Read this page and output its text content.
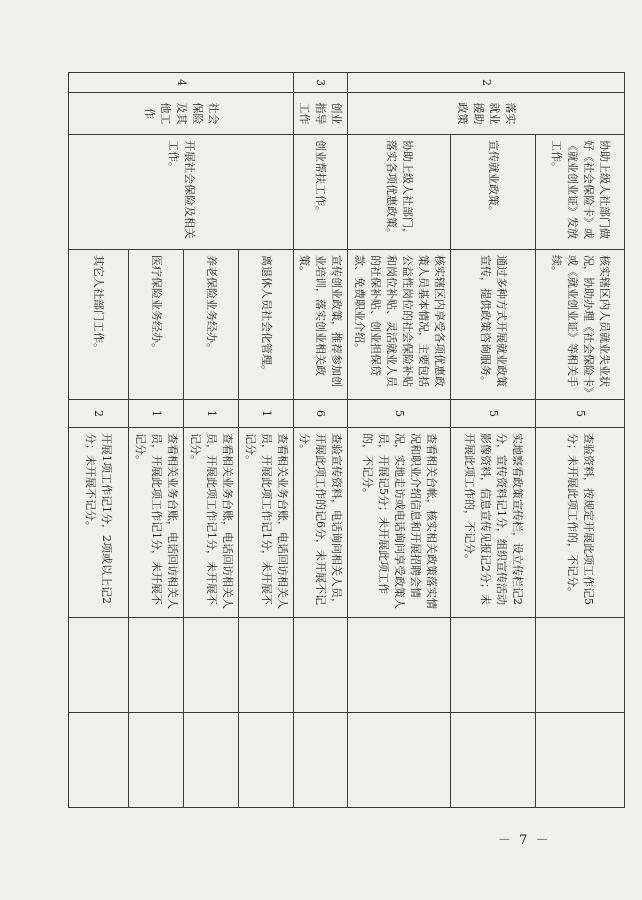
2	落实就业援助政策	协助上级人社部门做好《社会保险卡》或《就业创业证》发放工作。	核实辖区内人员就业失业状况，协助办理《社会保险卡》或《就业创业证》等相关手续。	5	查验资料，按规定开展此项工作记5分；未开展此项工作的，不记分。		
		宣传就业政策。	通过多种方式开展就业政策宣传，提供政策咨询服务。	5	实地察看政策宣传栏，设立传栏记2分，宣传资料记1分，组织宣传活动影像资料，信息宣传见报记2分；未开展此项工作的，不记分。		
		协助上级人社部门，落实各项优惠政策。	核实辖区内享受各项优惠政策人员基本情况，主要包括公益性岗位的社会保险补贴和岗位补贴、灵活就业人员的社保补贴、创业担保贷款、免费职业介绍。	5	查看相关台帐，核实相关政策落实情况和职业介绍信息和开展招聘会情况，实地走访或电话询问享受政策人员，开展记5分；未开展此项工作的，不记分。		
3	创业指导工作	创业帮扶工作。	宣传创业政策，推荐参加创业培训，落实创业相关政策。	6	查验宣传资料，电话询问相关人员，开展此项工作的记6分，未开展不记分。		
4	社会保险及其他工作	开展社会保险及相关工作。	离退休人员社会化管理。	1	查看相关业务台账，电话回访相关人员，开展此项工作记1分，未开展不记分。		
			养老保险业务经办。	1	查看相关业务台账，电话回访相关人员，开展此项工作记1分，未开展不记分。		
			医疗保险业务经办。	1	查看相关业务台账，电话回访相关人员，开展此项工作记1分，未开展不记分。		
			其它人社部门工作。	2	开展1项工作记1分，2项或以上记2分；未开展不记分。		
－ 7 －
